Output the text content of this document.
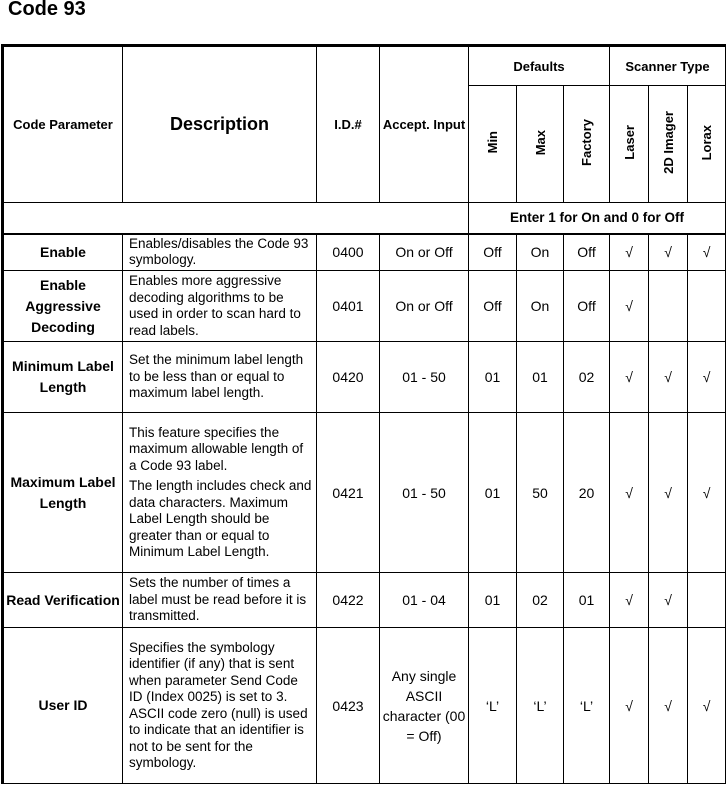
Code 93
Code Parameter	Description	I.D.#	Accept. Input	Defaults			Scanner Type		
				Min	Max	Factory	Laser	2D Imager	Lorax
				Enter 1 for On and 0 for Off					
Enable	Enables/disables the Code 93 symbology.	0400	On or Off	Off	On	Off	√	√	√
Enable Aggressive Decoding	Enables more aggressive decoding algorithms to be used in order to scan hard to read labels.	0401	On or Off	Off	On	Off	√		
Minimum Label Length	Set the minimum label length to be less than or equal to maximum label length.	0420	01 - 50	01	01	02	√	√	√
Maximum Label Length	This feature specifies the maximum allowable length of a Code 93 label.

The length includes check and data characters. Maximum Label Length should be greater than or equal to Minimum Label Length.	0421	01 - 50	01	50	20	√	√	√
Read Verification	Sets the number of times a label must be read before it is transmitted.	0422	01 - 04	01	02	01	√	√	
User ID	Specifies the symbology identifier (if any) that is sent when parameter Send Code ID (Index 0025) is set to 3. ASCII code zero (null) is used to indicate that an identifier is not to be sent for the symbology.	0423	Any single ASCII character (00 = Off)	‘L’	‘L’	‘L’	√	√	√
